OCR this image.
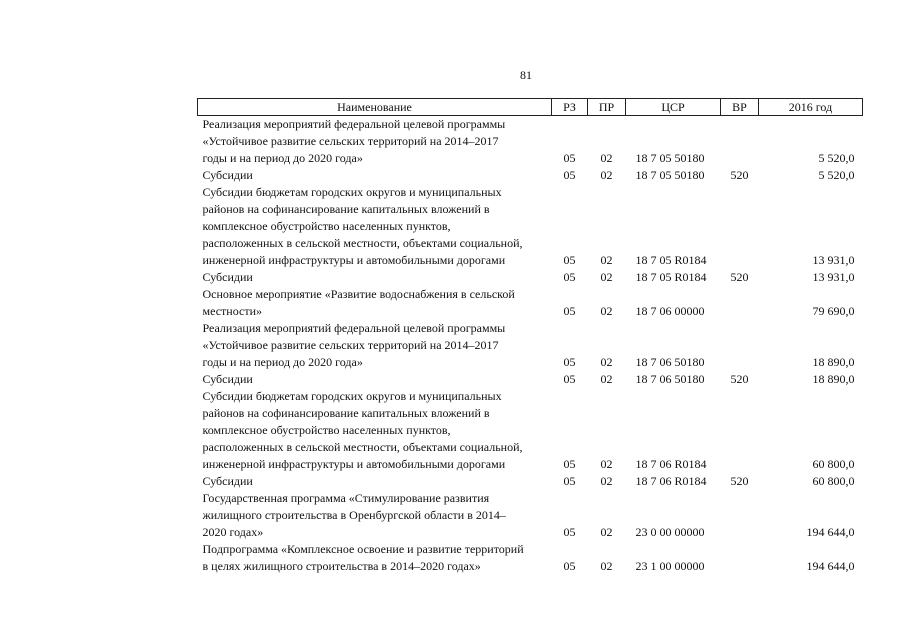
81
Наименование	РЗ	ПР	ЦСР	ВР	2016 год
Реализация мероприятий федеральной целевой программы
«Устойчивое развитие сельских территорий на 2014–2017
годы и на период до 2020 года»	05	02	18 7 05 50180		5 520,0
Субсидии	05	02	18 7 05 50180	520	5 520,0
Субсидии бюджетам городских округов и муниципальных
районов на софинансирование капитальных вложений в
комплексное обустройство населенных пунктов,
расположенных в сельской местности, объектами социальной,
инженерной инфраструктуры и автомобильными дорогами	05	02	18 7 05 R0184		13 931,0
Субсидии	05	02	18 7 05 R0184	520	13 931,0
Основное мероприятие «Развитие водоснабжения в сельской
местности»	05	02	18 7 06 00000		79 690,0
Реализация мероприятий федеральной целевой программы
«Устойчивое развитие сельских территорий на 2014–2017
годы и на период до 2020 года»	05	02	18 7 06 50180		18 890,0
Субсидии	05	02	18 7 06 50180	520	18 890,0
Субсидии бюджетам городских округов и муниципальных
районов на софинансирование капитальных вложений в
комплексное обустройство населенных пунктов,
расположенных в сельской местности, объектами социальной,
инженерной инфраструктуры и автомобильными дорогами	05	02	18 7 06 R0184		60 800,0
Субсидии	05	02	18 7 06 R0184	520	60 800,0
Государственная программа «Стимулирование развития
жилищного строительства в Оренбургской области в 2014–
2020 годах»	05	02	23 0 00 00000		194 644,0
Подпрограмма «Комплексное освоение и развитие территорий
в целях жилищного строительства в 2014–2020 годах»	05	02	23 1 00 00000		194 644,0
